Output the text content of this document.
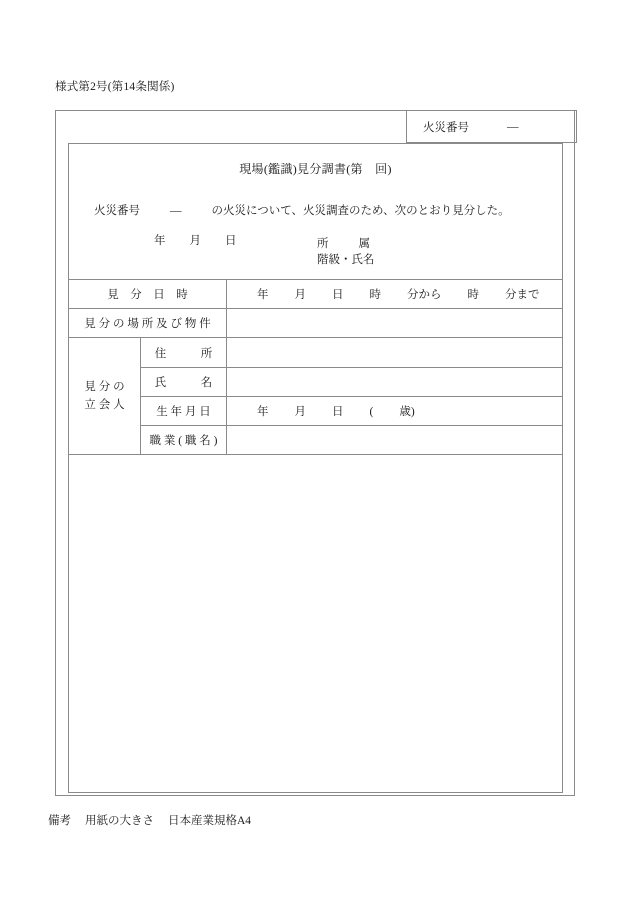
様式第2号(第14条関係)
火災番号	—
現場(鑑識)見分調書(第　回)
火災番号	—	の火災について、火災調査のため、次のとおり見分した。
年 月 日	所	属
階級・氏名
見　分　日　時	年 月 日 時 分から 時 分まで
見 分 の 場 所 及 び 物 件
見 分 の
立 会 人
住　　　所
氏　　　名
生 年 月 日	年 月 日 ( 歳)
職 業 ( 職 名 )
備考 用紙の大きさ 日本産業規格A4
